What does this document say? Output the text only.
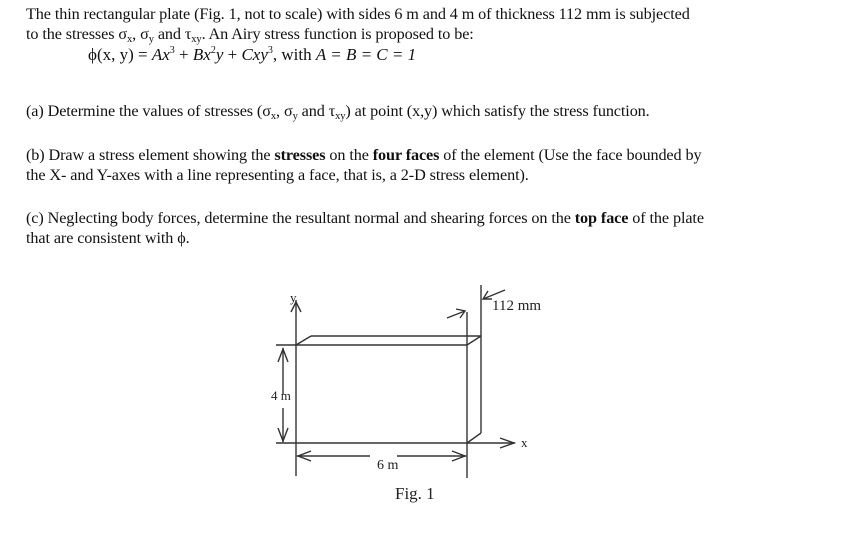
The thin rectangular plate (Fig. 1, not to scale) with sides 6 m and 4 m of thickness 112 mm is subjected
to the stresses $\sigma_x$, $\sigma_y$ and $\tau_{xy}$. An Airy stress function is proposed to be:
ϕ(x, $y) = Ax^3 + Bx^2y + Cxy^3$, with A = B = C = 1
(a) Determine the values of stresses ($\sigma_x$, $\sigma_y$ and $\tau_{xy}$) at point (x,y) which satisfy the stress function.
(b) Draw a stress element showing the stresses on the four faces of the element (Use the face bounded by
the X- and Y-axes with a line representing a face, that is, a 2-D stress element).
(c) Neglecting body forces, determine the resultant normal and shearing forces on the top face of the plate
that are consistent with ϕ.
y
x
112 mm
4 m
6 m
Fig. 1
